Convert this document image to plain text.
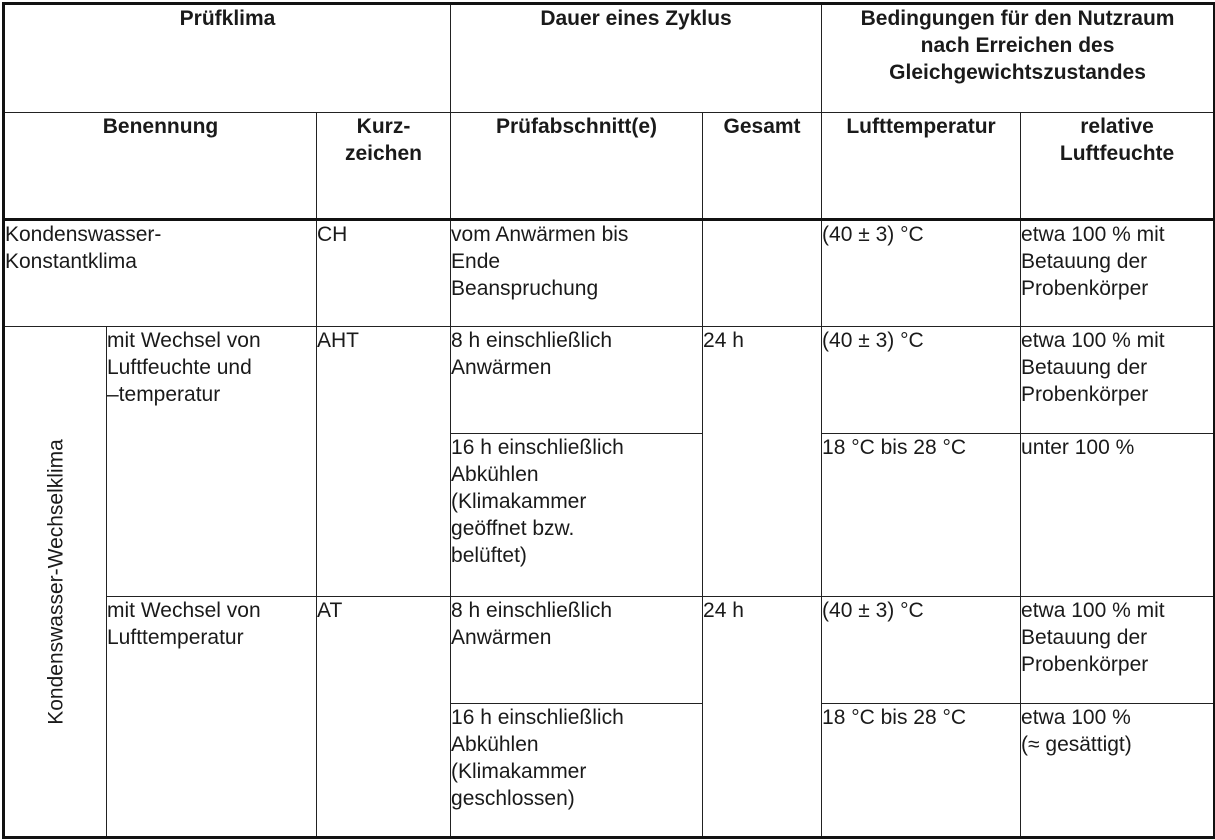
Prüfklima			Dauer eines Zyklus		Bedingungen für den Nutzraum
nach Erreichen des
Gleichgewichtszustandes	
Benennung		Kurz-
zeichen	Prüfabschnitt(e)	Gesamt	Lufttemperatur	relative
Luftfeuchte
Kondenswasser-
Konstantklima		CH	vom Anwärmen bis
Ende
Beanspruchung		(40 ± 3) °C	etwa 100 % mit
Betauung der
Probenkörper

Kondenswasser-Wechselklima	mit Wechsel von
Luftfeuchte und
–temperatur	AHT	8 h einschließlich
Anwärmen	24 h	(40 ± 3) °C	etwa 100 % mit
Betauung der
Probenkörper
			16 h einschließlich
Abkühlen
(Klimakammer
geöffnet bzw.
belüftet)		18 °C bis 28 °C	unter 100 %
	mit Wechsel von
Lufttemperatur	AT	8 h einschließlich
Anwärmen	24 h	(40 ± 3) °C	etwa 100 % mit
Betauung der
Probenkörper
			16 h einschließlich
Abkühlen
(Klimakammer
geschlossen)		18 °C bis 28 °C	etwa 100 %
(≈ gesättigt)
